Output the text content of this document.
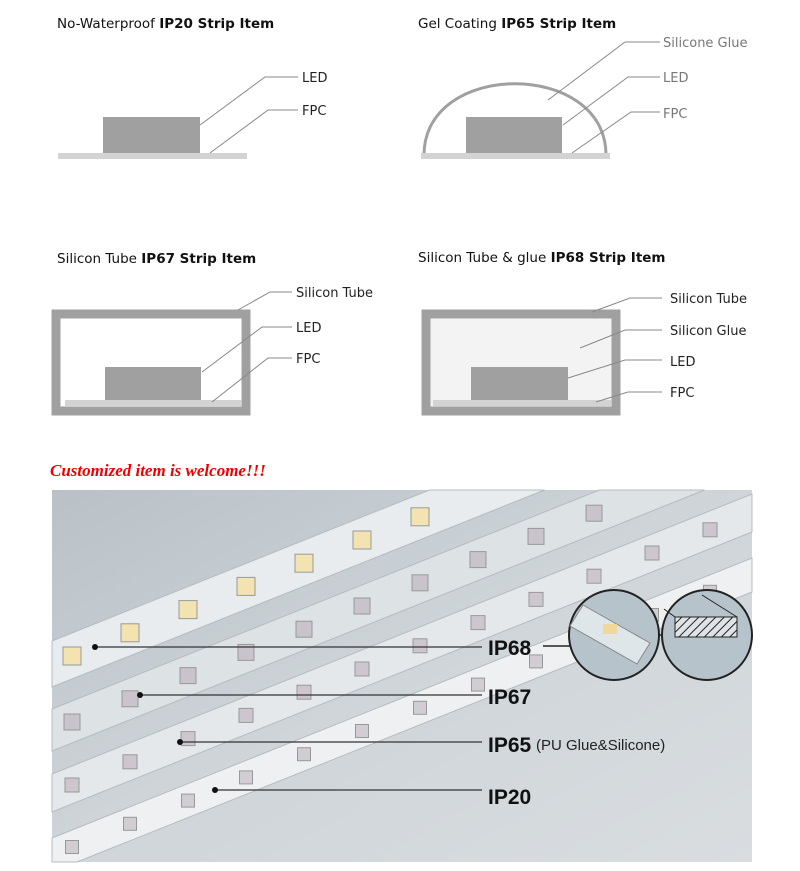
No-Waterproof IP20 Strip Item
LED
FPC
Gel Coating IP65 Strip Item
Silicone Glue
LED
FPC
Silicon Tube IP67 Strip Item
Silicon Tube
LED
FPC
Silicon Tube & glue IP68 Strip Item
Silicon Tube
Silicon Glue
LED
FPC
Customized item is welcome!!!
IP68
IP67
IP65 (PU Glue&Silicone)
IP20
